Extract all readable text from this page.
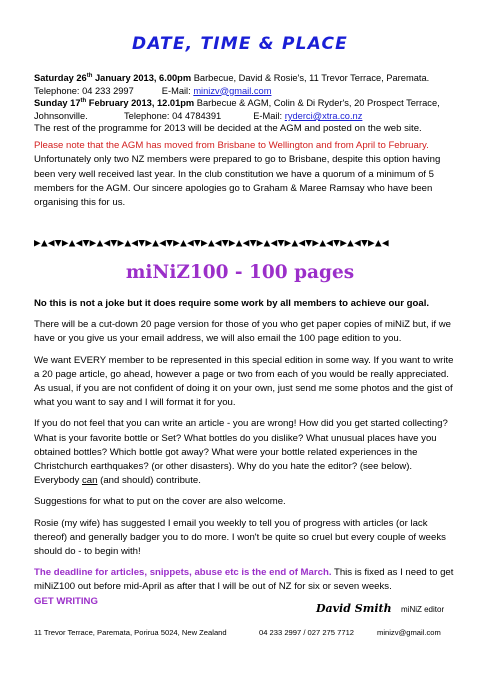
DATE, TIME & PLACE

Saturday 26th January 2013, 6.00pm Barbecue, David & Rosie's, 11 Trevor Terrace, Paremata.

Telephone: 04 233 2997	E-Mail: minizv@gmail.com

Sunday 17th February 2013, 12.01pm Barbecue & AGM, Colin & Di Ryder's, 20 Prospect Terrace,

Johnsonville.	Telephone: 04 4784391	E-Mail: ryderci@xtra.co.nz

The rest of the programme for 2013 will be decided at the AGM and posted on the web site.

Please note that the AGM has moved from Brisbane to Wellington and from April to February.

Unfortunately only two NZ members were prepared to go to Brisbane, despite this option having been very well received last year. In the club constitution we have a quorum of a minimum of 5 members for the AGM. Our sincere apologies go to Graham & Maree Ramsay who have been organising this for us.

▶▲◀▼▶▲◀▼▶▲◀▼▶▲◀▼▶▲◀▼▶▲◀▼▶▲◀▼▶▲◀▼▶▲◀▼▶▲◀▼▶▲◀▼▶▲◀▼▶▲◀
miNiZ100 - 100 pages

No this is not a joke but it does require some work by all members to achieve our goal.

There will be a cut-down 20 page version for those of you who get paper copies of miNiZ but, if we have or you give us your email address, we will also email the 100 page edition to you.

We want EVERY member to be represented in this special edition in some way. If you want to write a 20 page article, go ahead, however a page or two from each of you would be really appreciated. As usual, if you are not confident of doing it on your own, just send me some photos and the gist of what you want to say and I will format it for you.

If you do not feel that you can write an article - you are wrong! How did you get started collecting? What is your favorite bottle or Set? What bottles do you dislike? What unusual places have you obtained bottles? Which bottle got away? What were your bottle related experiences in the Christchurch earthquakes? (or other disasters). Why do you hate the editor? (see below). Everybody can (and should) contribute.

Suggestions for what to put on the cover are also welcome.

Rosie (my wife) has suggested I email you weekly to tell you of progress with articles (or lack thereof) and generally badger you to do more. I won't be quite so cruel but every couple of weeks should do - to begin with!

The deadline for articles, snippets, abuse etc is the end of March. This is fixed as I need to get miNiZ100 out before mid-April as after that I will be out of NZ for six or seven weeks.

GET WRITING

David Smith miNiZ editor
11 Trevor Terrace, Paremata, Porirua 5024, New Zealand	04 233 2997 / 027 275 7712	minizv@gmail.com
